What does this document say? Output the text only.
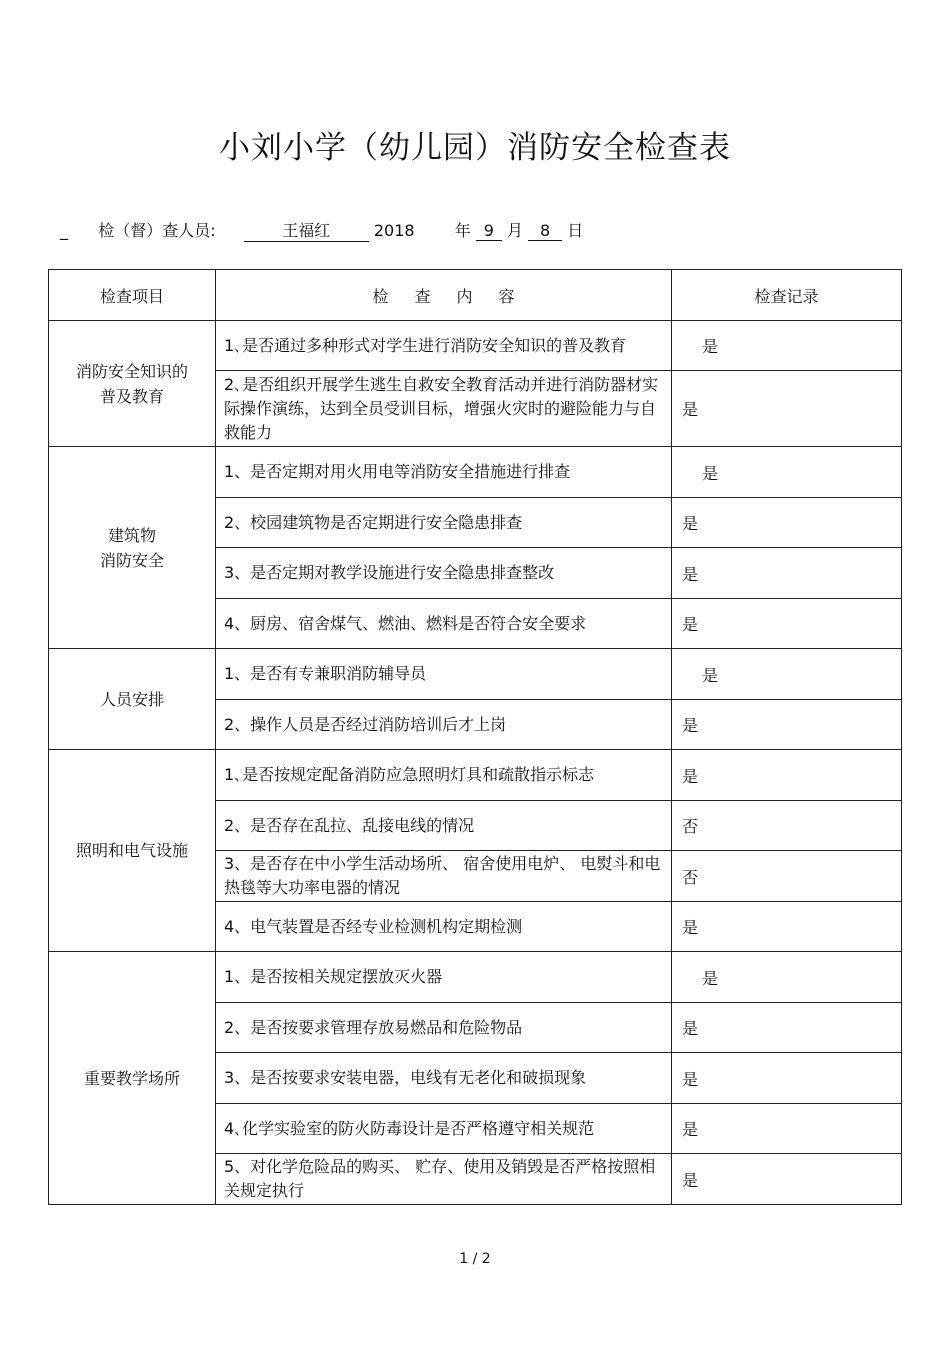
小刘小学（幼儿园）消防安全检查表
_ 检（督）查人员:	王福红	2018	年 9 月 8 日
检查项目	检查内容	检查记录

消防安全知识的
普及教育	1､是否通过多种形式对学生进行消防安全知识的普及教育	是
	2､是否组织开展学生逃生自救安全教育活动并进行消防器材实际操作演练，达到全员受训目标，增强火灾时的避险能力与自救能力	是

建筑物
消防安全	1、是否定期对用火用电等消防安全措施进行排查	是
	2、校园建筑物是否定期进行安全隐患排查	是
	3、是否定期对教学设施进行安全隐患排查整改	是
	4、厨房、宿舍煤气、燃油、燃料是否符合安全要求	是
人员安排	1、是否有专兼职消防辅导员	是
	2、操作人员是否经过消防培训后才上岗	是
照明和电气设施	1､是否按规定配备消防应急照明灯具和疏散指示标志	是
	2、是否存在乱拉、乱接电线的情况	否
	3、是否存在中小学生活动场所、 宿舍使用电炉、 电熨斗和电热毯等大功率电器的情况	否
	4、电气装置是否经专业检测机构定期检测	是
重要教学场所	1、是否按相关规定摆放灭火器	是
	2、是否按要求管理存放易燃品和危险物品	是
	3、是否按要求安装电器，电线有无老化和破损现象	是
	4､化学实验室的防火防毒设计是否严格遵守相关规范	是
	5、对化学危险品的购买、 贮存、使用及销毁是否严格按照相关规定执行	是
1 / 2
